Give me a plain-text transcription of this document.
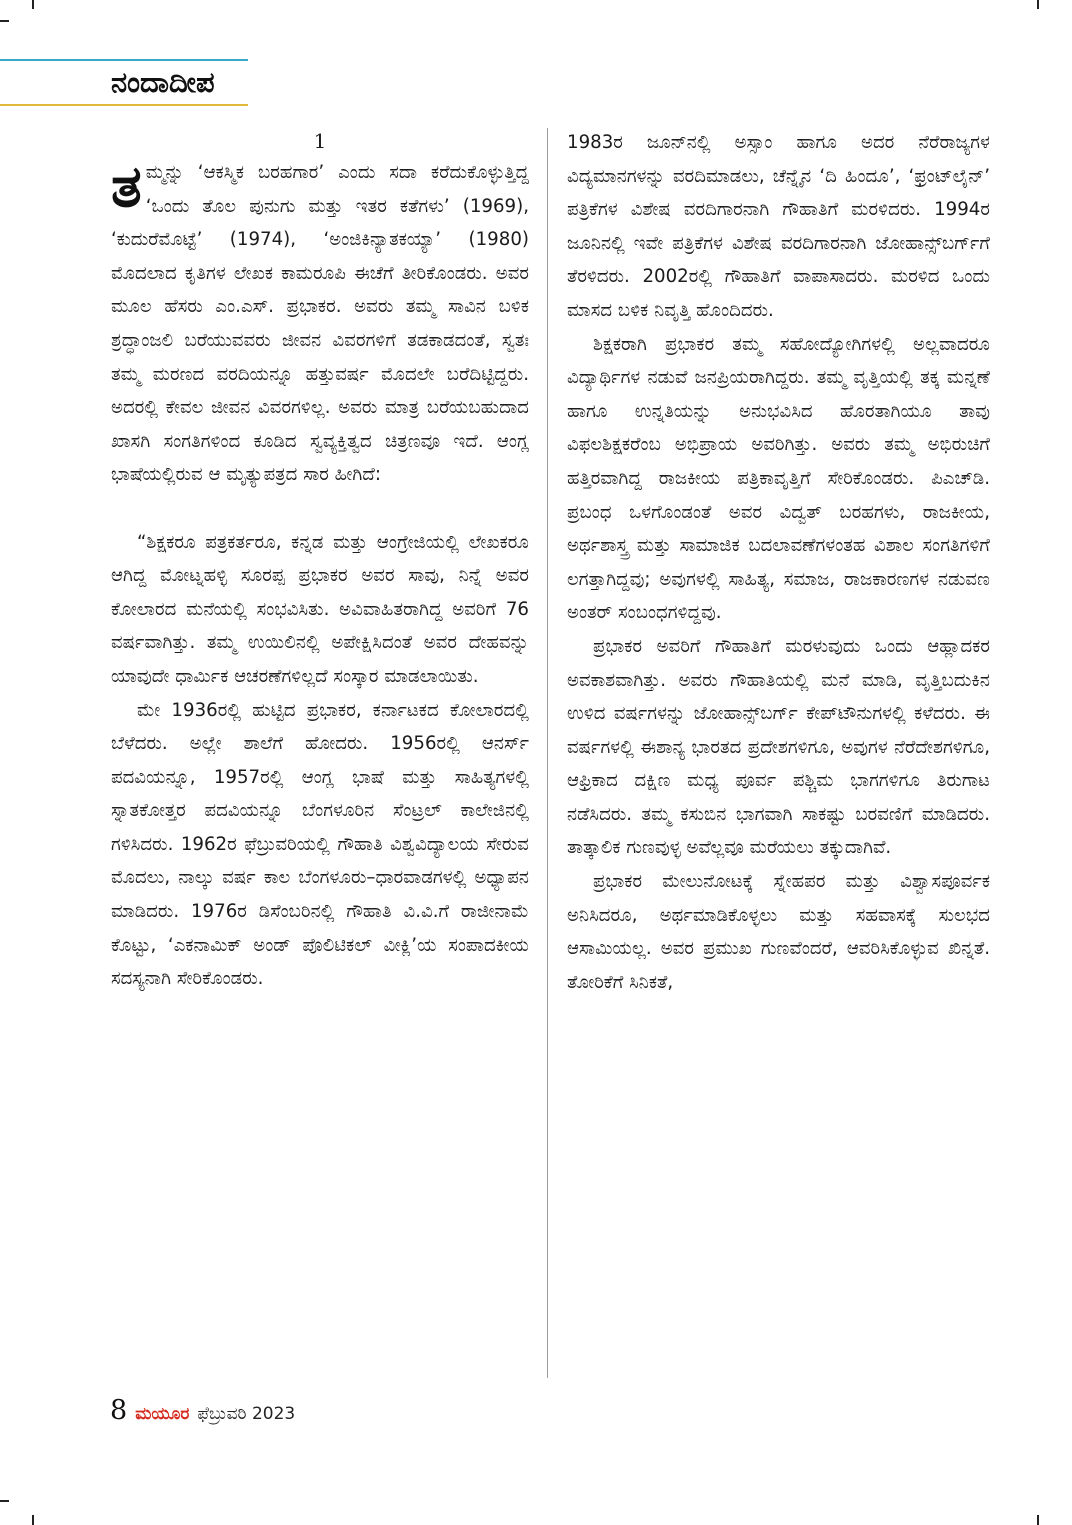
ನಂದಾದೀಪ

1

ತಮ್ಮನ್ನು ‘ಆಕಸ್ಮಿಕ ಬರಹಗಾರ’ ಎಂದು ಸದಾ ಕರೆದುಕೊಳ್ಳುತ್ತಿದ್ದ ‘ಒಂದು ತೊಲ ಪುನುಗು ಮತ್ತು ಇತರ ಕತೆಗಳು’ (1969), ‘ಕುದುರೆಮೊಟ್ಟೆ’ (1974), ‘ಅಂಜಿಕಿನ್ಯಾತಕಯ್ಯಾ’ (1980) ಮೊದಲಾದ ಕೃತಿಗಳ ಲೇಖಕ ಕಾಮರೂಪಿ ಈಚೆಗೆ ತೀರಿಕೊಂಡರು. ಅವರ ಮೂಲ ಹೆಸರು ಎಂ.ಎಸ್. ಪ್ರಭಾಕರ. ಅವರು ತಮ್ಮ ಸಾವಿನ ಬಳಿಕ ಶ್ರದ್ಧಾಂಜಲಿ ಬರೆಯುವವರು ಜೀವನ ವಿವರಗಳಿಗೆ ತಡಕಾಡದಂತೆ, ಸ್ವತಃ ತಮ್ಮ ಮರಣದ ವರದಿಯನ್ನೂ ಹತ್ತುವರ್ಷ ಮೊದಲೇ ಬರೆದಿಟ್ಟಿದ್ದರು. ಅದರಲ್ಲಿ ಕೇವಲ ಜೀವನ ವಿವರಗಳಿಲ್ಲ. ಅವರು ಮಾತ್ರ ಬರೆಯಬಹುದಾದ ಖಾಸಗಿ ಸಂಗತಿಗಳಿಂದ ಕೂಡಿದ ಸ್ವವ್ಯಕ್ತಿತ್ವದ ಚಿತ್ರಣವೂ ಇದೆ. ಆಂಗ್ಲ ಭಾಷೆಯಲ್ಲಿರುವ ಆ ಮೃತ್ಯುಪತ್ರದ ಸಾರ ಹೀಗಿದೆ:

“ಶಿಕ್ಷಕರೂ ಪತ್ರಕರ್ತರೂ, ಕನ್ನಡ ಮತ್ತು ಆಂಗ್ರೇಜಿಯಲ್ಲಿ ಲೇಖಕರೂ ಆಗಿದ್ದ ಮೋಟ್ನಹಳ್ಳಿ ಸೂರಪ್ಪ ಪ್ರಭಾಕರ ಅವರ ಸಾವು, ನಿನ್ನೆ ಅವರ ಕೋಲಾರದ ಮನೆಯಲ್ಲಿ ಸಂಭವಿಸಿತು. ಅವಿವಾಹಿತರಾಗಿದ್ದ ಅವರಿಗೆ 76 ವರ್ಷವಾಗಿತ್ತು. ತಮ್ಮ ಉಯಿಲಿನಲ್ಲಿ ಅಪೇಕ್ಷಿಸಿದಂತೆ ಅವರ ದೇಹವನ್ನು ಯಾವುದೇ ಧಾರ್ಮಿಕ ಆಚರಣೆಗಳಿಲ್ಲದೆ ಸಂಸ್ಕಾರ ಮಾಡಲಾಯಿತು.

ಮೇ 1936ರಲ್ಲಿ ಹುಟ್ಟಿದ ಪ್ರಭಾಕರ, ಕರ್ನಾಟಕದ ಕೋಲಾರದಲ್ಲಿ ಬೆಳೆದರು. ಅಲ್ಲೇ ಶಾಲೆಗೆ ಹೋದರು. 1956ರಲ್ಲಿ ಆನರ್ಸ್ ಪದವಿಯನ್ನೂ, 1957ರಲ್ಲಿ ಆಂಗ್ಲ ಭಾಷೆ ಮತ್ತು ಸಾಹಿತ್ಯಗಳಲ್ಲಿ ಸ್ನಾತಕೋತ್ತರ ಪದವಿಯನ್ನೂ ಬೆಂಗಳೂರಿನ ಸೆಂಟ್ರಲ್ ಕಾಲೇಜಿನಲ್ಲಿ ಗಳಿಸಿದರು. 1962ರ ಫೆಬ್ರುವರಿಯಲ್ಲಿ ಗೌಹಾತಿ ವಿಶ್ವವಿದ್ಯಾಲಯ ಸೇರುವ ಮೊದಲು, ನಾಲ್ಕು ವರ್ಷ ಕಾಲ ಬೆಂಗಳೂರು–ಧಾರವಾಡಗಳಲ್ಲಿ ಅಧ್ಯಾಪನ ಮಾಡಿದರು. 1976ರ ಡಿಸೆಂಬರಿನಲ್ಲಿ ಗೌಹಾತಿ ವಿ.ವಿ.ಗೆ ರಾಜೀನಾಮೆ ಕೊಟ್ಟು, ‘ಎಕನಾಮಿಕ್ ಅಂಡ್ ಪೊಲಿಟಿಕಲ್ ವೀಕ್ಲಿ’ಯ ಸಂಪಾದಕೀಯ ಸದಸ್ಯನಾಗಿ ಸೇರಿಕೊಂಡರು.

1983ರ ಜೂನ್‌ನಲ್ಲಿ ಅಸ್ಸಾಂ ಹಾಗೂ ಅದರ ನೆರೆರಾಜ್ಯಗಳ ವಿದ್ಯಮಾನಗಳನ್ನು ವರದಿಮಾಡಲು, ಚೆನ್ನೈನ ‘ದಿ ಹಿಂದೂ’, ‘ಫ್ರಂಟ್‌ಲೈನ್’ ಪತ್ರಿಕೆಗಳ ವಿಶೇಷ ವರದಿಗಾರನಾಗಿ ಗೌಹಾತಿಗೆ ಮರಳಿದರು. 1994ರ ಜೂನಿನಲ್ಲಿ ಇವೇ ಪತ್ರಿಕೆಗಳ ವಿಶೇಷ ವರದಿಗಾರನಾಗಿ ಜೋಹಾನ್ಸ್‌ಬರ್ಗ್‌ಗೆ ತೆರಳಿದರು. 2002ರಲ್ಲಿ ಗೌಹಾತಿಗೆ ವಾಪಾಸಾದರು. ಮರಳಿದ ಒಂದು ಮಾಸದ ಬಳಿಕ ನಿವೃತ್ತಿ ಹೊಂದಿದರು.

ಶಿಕ್ಷಕರಾಗಿ ಪ್ರಭಾಕರ ತಮ್ಮ ಸಹೋದ್ಯೋಗಿಗಳಲ್ಲಿ ಅಲ್ಲವಾದರೂ ವಿದ್ಯಾರ್ಥಿಗಳ ನಡುವೆ ಜನಪ್ರಿಯರಾಗಿದ್ದರು. ತಮ್ಮ ವೃತ್ತಿಯಲ್ಲಿ ತಕ್ಕ ಮನ್ನಣೆ ಹಾಗೂ ಉನ್ನತಿಯನ್ನು ಅನುಭವಿಸಿದ ಹೊರತಾಗಿಯೂ ತಾವು ವಿಫಲಶಿಕ್ಷಕರೆಂಬ ಅಭಿಪ್ರಾಯ ಅವರಿಗಿತ್ತು. ಅವರು ತಮ್ಮ ಅಭಿರುಚಿಗೆ ಹತ್ತಿರವಾಗಿದ್ದ ರಾಜಕೀಯ ಪತ್ರಿಕಾವೃತ್ತಿಗೆ ಸೇರಿಕೊಂಡರು. ಪಿಎಚ್‌ಡಿ. ಪ್ರಬಂಧ ಒಳಗೊಂಡಂತೆ ಅವರ ವಿದ್ವತ್ ಬರಹಗಳು, ರಾಜಕೀಯ, ಅರ್ಥಶಾಸ್ತ್ರ ಮತ್ತು ಸಾಮಾಜಿಕ ಬದಲಾವಣೆಗಳಂತಹ ವಿಶಾಲ ಸಂಗತಿಗಳಿಗೆ ಲಗತ್ತಾಗಿದ್ದವು; ಅವುಗಳಲ್ಲಿ ಸಾಹಿತ್ಯ, ಸಮಾಜ, ರಾಜಕಾರಣಗಳ ನಡುವಣ ಅಂತರ್ ಸಂಬಂಧಗಳಿದ್ದವು.

ಪ್ರಭಾಕರ ಅವರಿಗೆ ಗೌಹಾತಿಗೆ ಮರಳುವುದು ಒಂದು ಆಹ್ಲಾದಕರ ಅವಕಾಶವಾಗಿತ್ತು. ಅವರು ಗೌಹಾತಿಯಲ್ಲಿ ಮನೆ ಮಾಡಿ, ವೃತ್ತಿಬದುಕಿನ ಉಳಿದ ವರ್ಷಗಳನ್ನು ಜೋಹಾನ್ಸ್‌ಬರ್ಗ್ ಕೇಪ್‌ಟೌನುಗಳಲ್ಲಿ ಕಳೆದರು. ಈ ವರ್ಷಗಳಲ್ಲಿ ಈಶಾನ್ಯ ಭಾರತದ ಪ್ರದೇಶಗಳಿಗೂ, ಅವುಗಳ ನೆರೆದೇಶಗಳಿಗೂ, ಆಫ್ರಿಕಾದ ದಕ್ಷಿಣ ಮಧ್ಯ ಪೂರ್ವ ಪಶ್ಚಿಮ ಭಾಗಗಳಿಗೂ ತಿರುಗಾಟ ನಡೆಸಿದರು. ತಮ್ಮ ಕಸುಬಿನ ಭಾಗವಾಗಿ ಸಾಕಷ್ಟು ಬರವಣಿಗೆ ಮಾಡಿದರು. ತಾತ್ಕಾಲಿಕ ಗುಣವುಳ್ಳ ಅವೆಲ್ಲವೂ ಮರೆಯಲು ತಕ್ಕುದಾಗಿವೆ.

ಪ್ರಭಾಕರ ಮೇಲುನೋಟಕ್ಕೆ ಸ್ನೇಹಪರ ಮತ್ತು ವಿಶ್ವಾಸಪೂರ್ವಕ ಅನಿಸಿದರೂ, ಅರ್ಥಮಾಡಿಕೊಳ್ಳಲು ಮತ್ತು ಸಹವಾಸಕ್ಕೆ ಸುಲಭದ ಆಸಾಮಿಯಲ್ಲ. ಅವರ ಪ್ರಮುಖ ಗುಣವೆಂದರೆ, ಆವರಿಸಿಕೊಳ್ಳುವ ಖಿನ್ನತೆ. ತೋರಿಕೆಗೆ ಸಿನಿಕತೆ,

8 ಮಯೂರ ಫೆಬ್ರುವರಿ 2023
